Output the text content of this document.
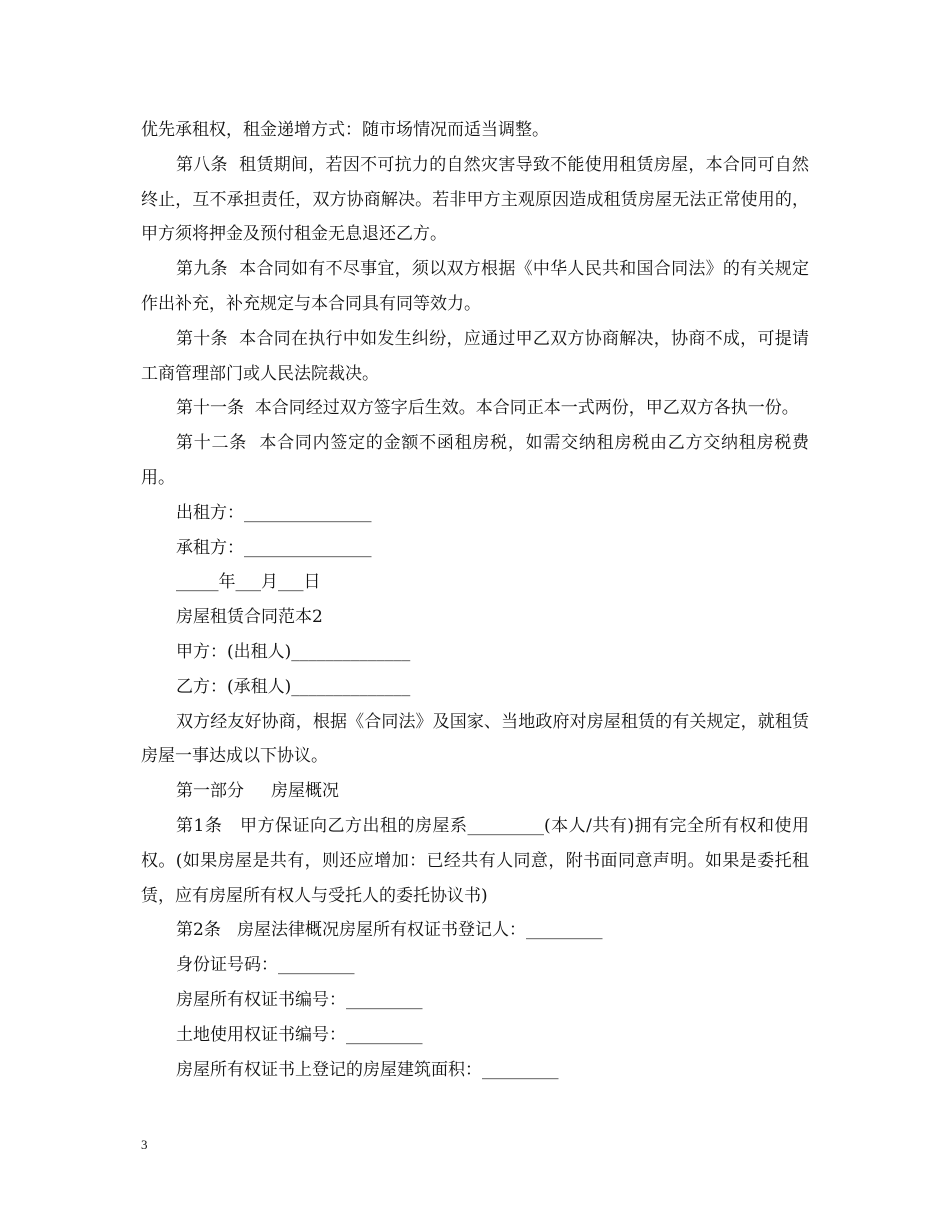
优先承租权，租金递增方式：随市场情况而适当调整。

第八条  租赁期间，若因不可抗力的自然灾害导致不能使用租赁房屋，本合同可自然终止，互不承担责任，双方协商解决。若非甲方主观原因造成租赁房屋无法正常使用的，甲方须将押金及预付租金无息退还乙方。

第九条  本合同如有不尽事宜，须以双方根据《中华人民共和国合同法》的有关规定作出补充，补充规定与本合同具有同等效力。

第十条  本合同在执行中如发生纠纷，应通过甲乙双方协商解决，协商不成，可提请工商管理部门或人民法院裁决。

第十一条  本合同经过双方签字后生效。本合同正本一式两份，甲乙双方各执一份。

第十二条  本合同内签定的金额不函租房税，如需交纳租房税由乙方交纳租房税费用。

出租方：_______________

承租方：_______________

_____年___月___日

房屋租赁合同范本2

甲方：(出租人)______________

乙方：(承租人)______________

双方经友好协商，根据《合同法》及国家、当地政府对房屋租赁的有关规定，就租赁房屋一事达成以下协议。

第一部分     房屋概况

第1条   甲方保证向乙方出租的房屋系_________(本人/共有)拥有完全所有权和使用权。(如果房屋是共有，则还应增加：已经共有人同意，附书面同意声明。如果是委托租赁，应有房屋所有权人与受托人的委托协议书)

第2条   房屋法律概况房屋所有权证书登记人：_________

身份证号码：_________

房屋所有权证书编号：_________

土地使用权证书编号：_________

房屋所有权证书上登记的房屋建筑面积：_________

3
